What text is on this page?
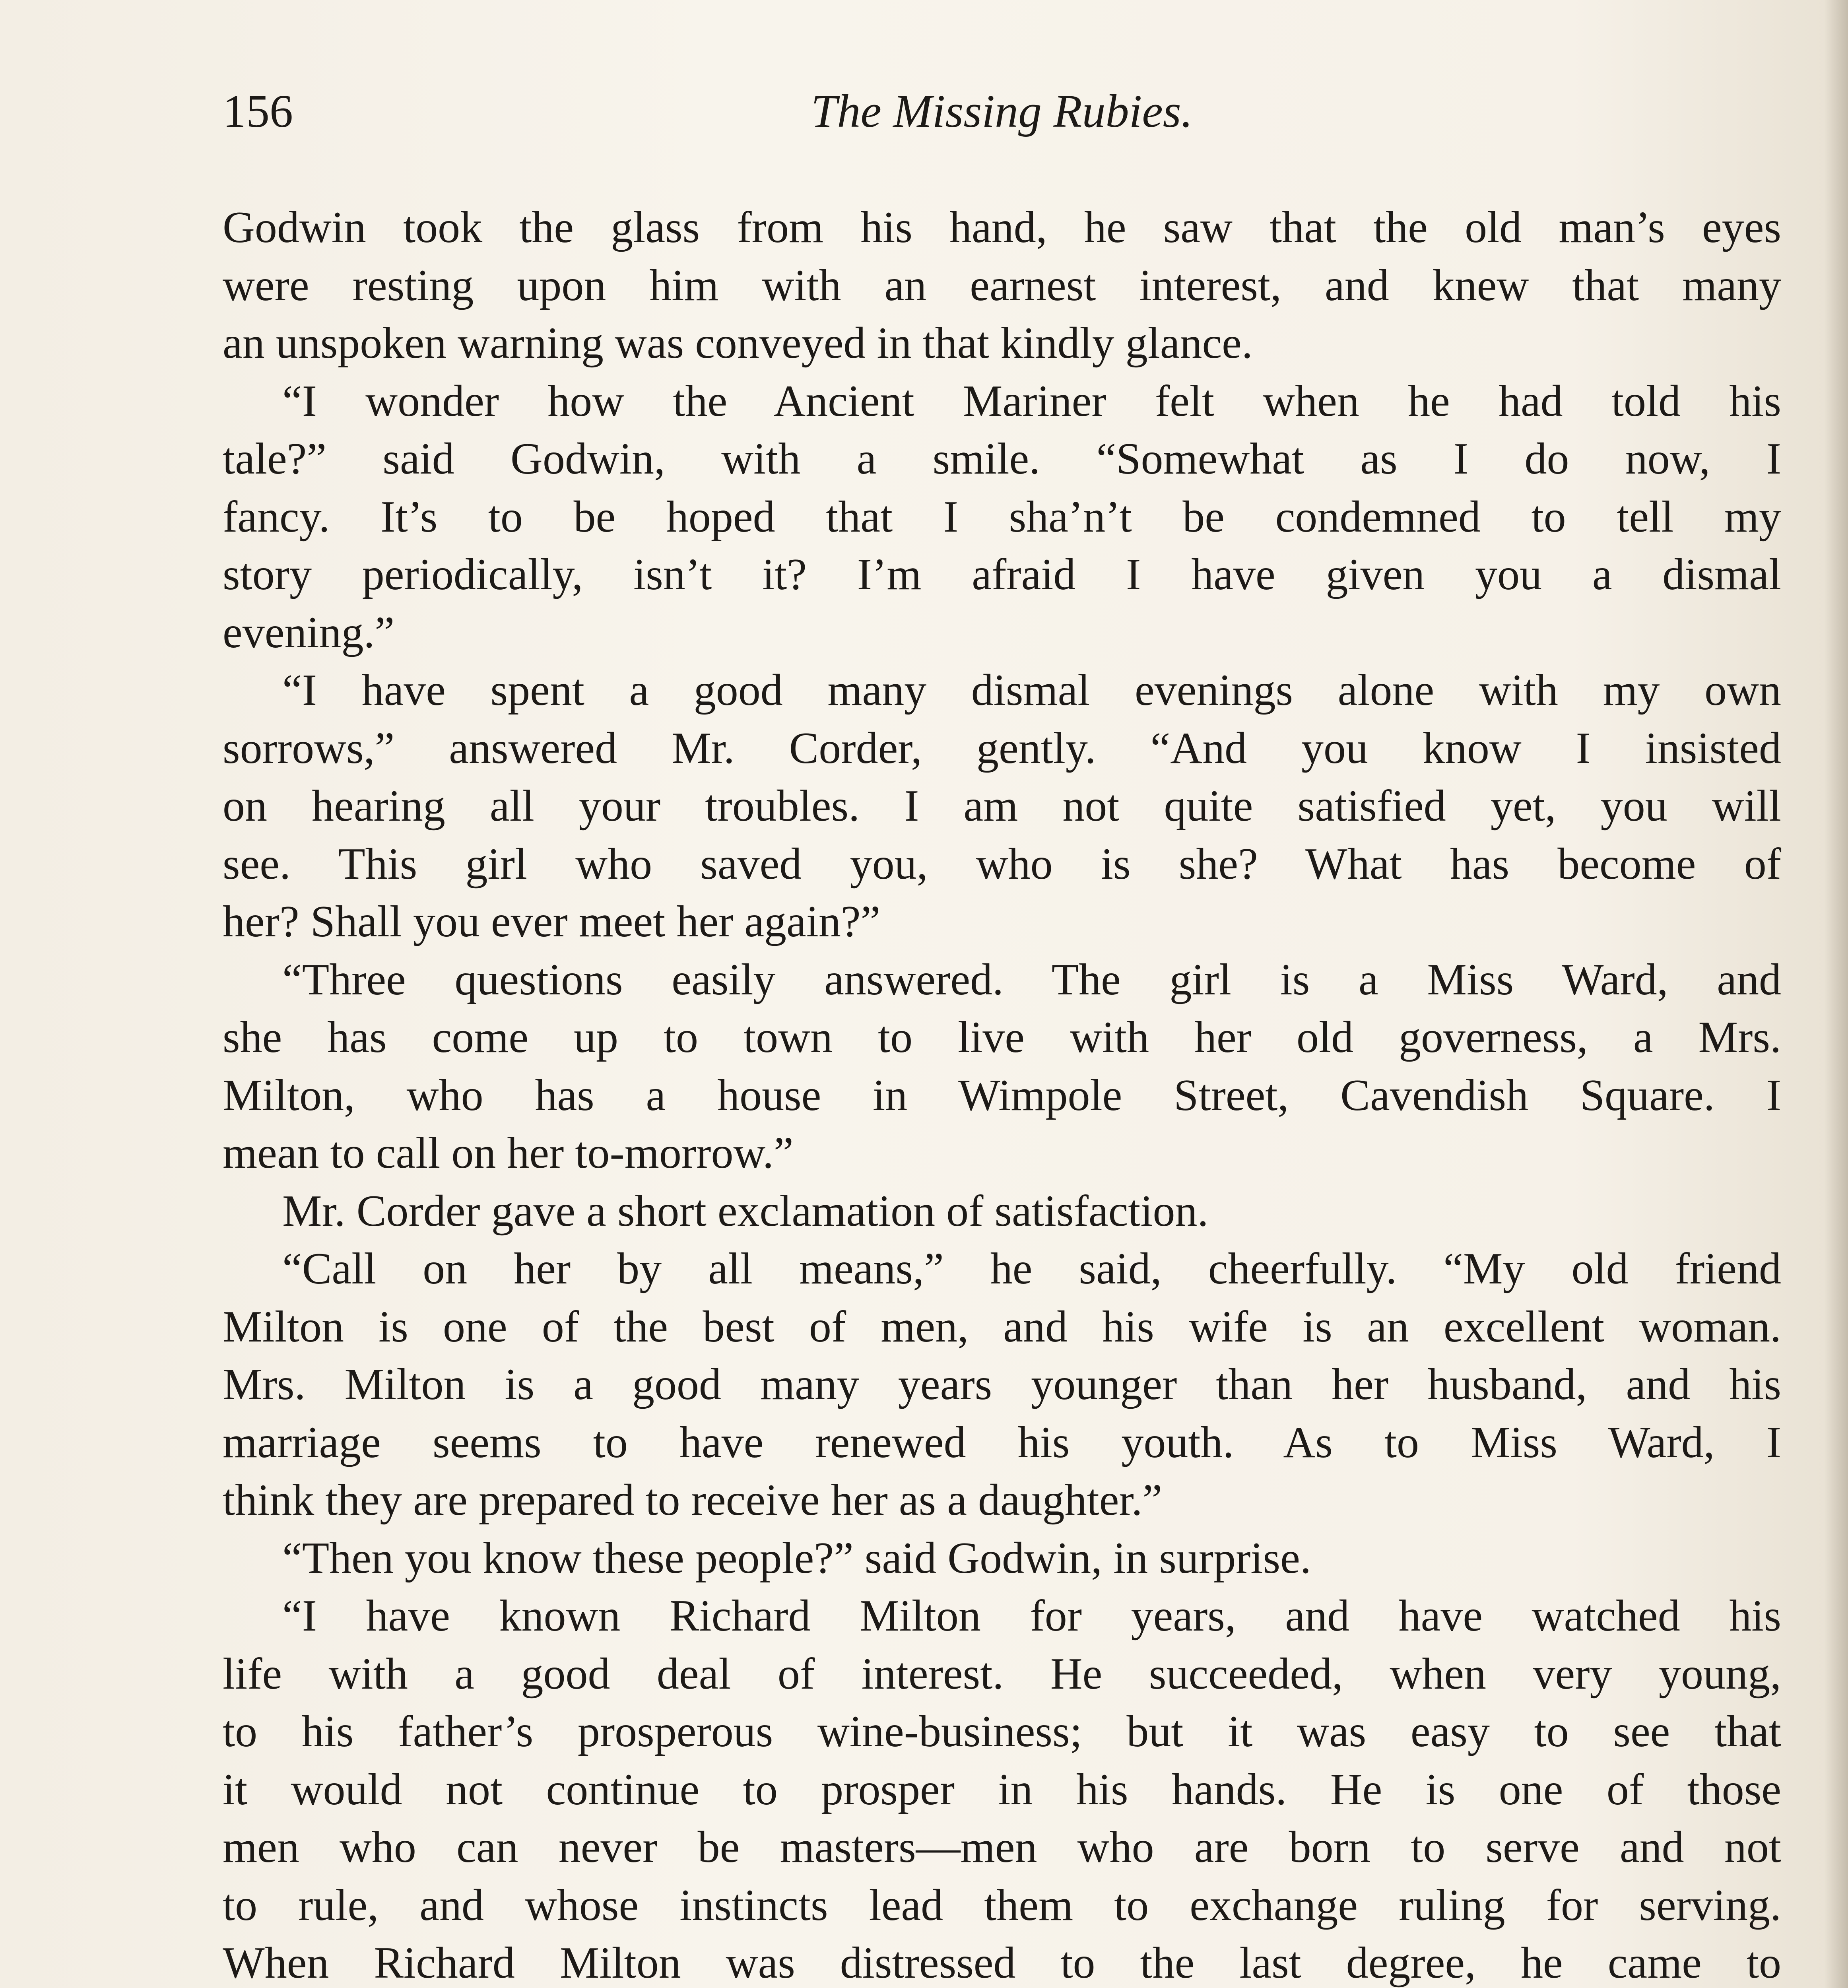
The Missing Rubies.
156
Godwin took the glass from his hand, he saw that the old man’s eyes
were resting upon him with an earnest interest, and knew that many
an unspoken warning was conveyed in that kindly glance.
“I wonder how the Ancient Mariner felt when he had told his
tale?” said Godwin, with a smile. “Somewhat as I do now, I
fancy. It’s to be hoped that I sha’n’t be condemned to tell my
story periodically, isn’t it? I’m afraid I have given you a dismal
evening.”
“I have spent a good many dismal evenings alone with my own
sorrows,” answered Mr. Corder, gently. “And you know I insisted
on hearing all your troubles. I am not quite satisfied yet, you will
see. This girl who saved you, who is she? What has become of
her? Shall you ever meet her again?”
“Three questions easily answered. The girl is a Miss Ward, and
she has come up to town to live with her old governess, a Mrs.
Milton, who has a house in Wimpole Street, Cavendish Square. I
mean to call on her to-morrow.”
Mr. Corder gave a short exclamation of satisfaction.
“Call on her by all means,” he said, cheerfully. “My old friend
Milton is one of the best of men, and his wife is an excellent woman.
Mrs. Milton is a good many years younger than her husband, and his
marriage seems to have renewed his youth. As to Miss Ward, I
think they are prepared to receive her as a daughter.”
“Then you know these people?” said Godwin, in surprise.
“I have known Richard Milton for years, and have watched his
life with a good deal of interest. He succeeded, when very young,
to his father’s prosperous wine-business; but it was easy to see that
it would not continue to prosper in his hands. He is one of those
men who can never be masters—men who are born to serve and not
to rule, and whose instincts lead them to exchange ruling for serving.
When Richard Milton was distressed to the last degree, he came to
